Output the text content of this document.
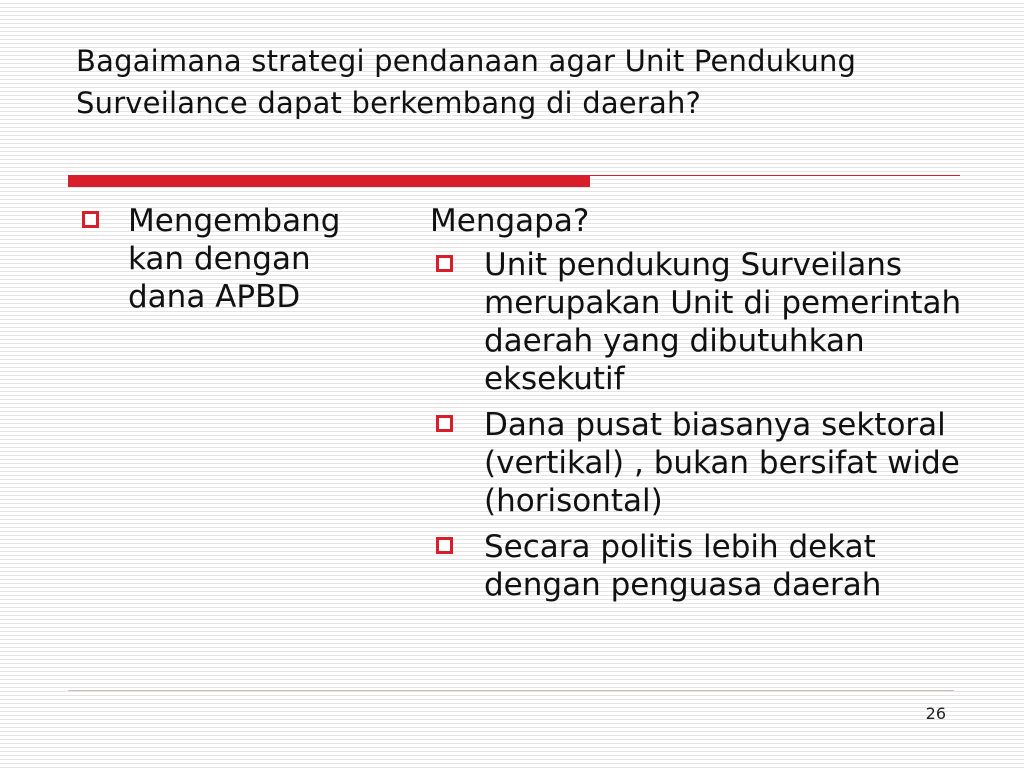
Bagaimana strategi pendanaan agar Unit Pendukung Surveilance dapat berkembang di daerah?
Mengembang kan dengan dana APBD

Mengapa?

Unit pendukung Surveilans merupakan Unit di pemerintah daerah yang dibutuhkan eksekutif
Dana pusat biasanya sektoral (vertikal) , bukan bersifat wide (horisontal)
Secara politis lebih dekat dengan penguasa daerah
26
